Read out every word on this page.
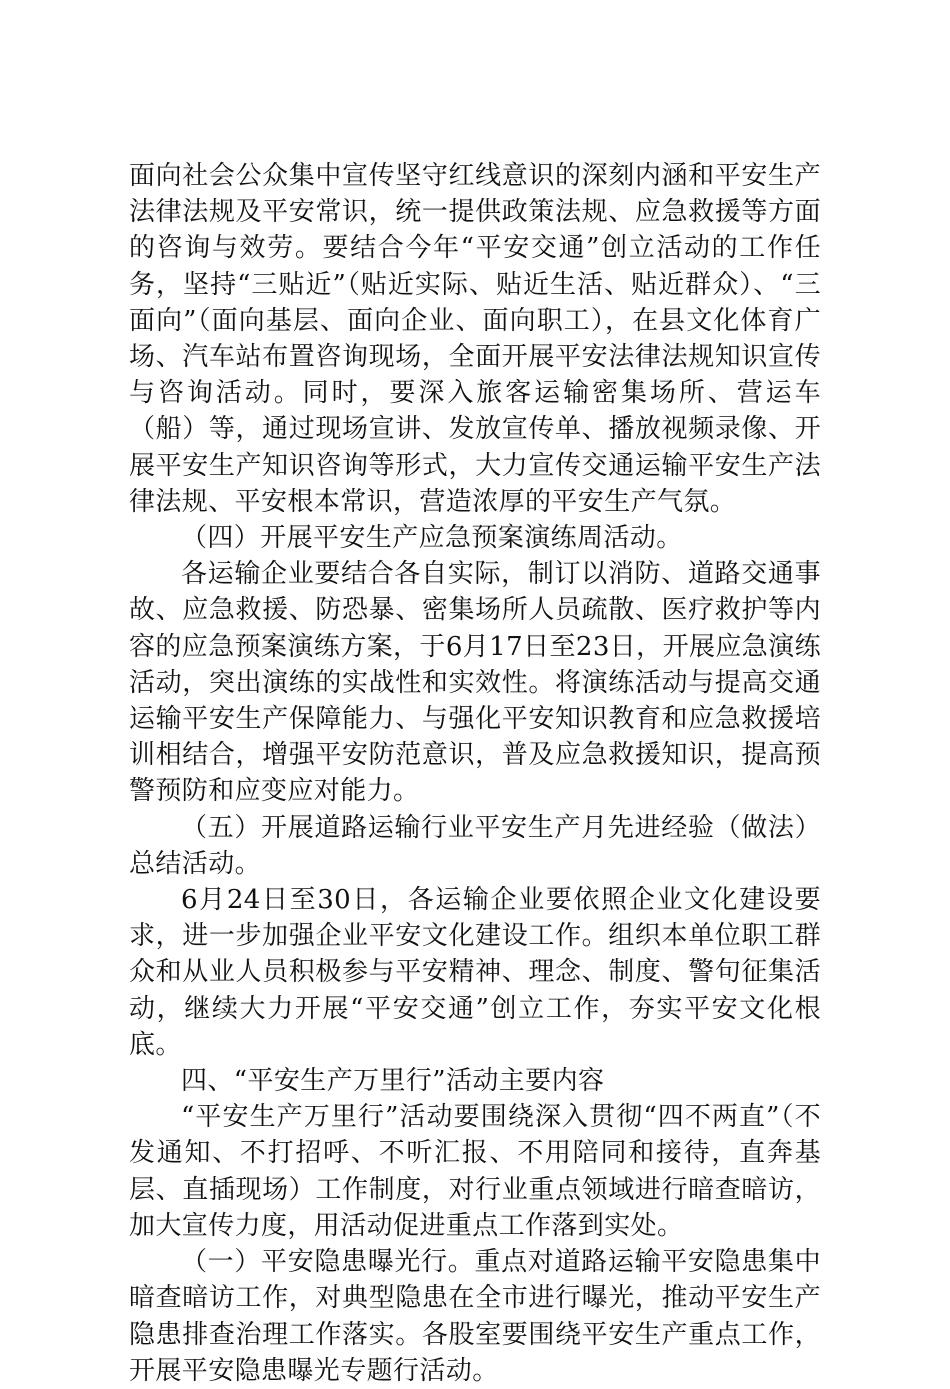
面向社会公众集中宣传坚守红线意识的深刻内涵和平安生产法律法规及平安常识，统一提供政策法规、应急救援等方面的咨询与效劳。要结合今年“平安交通”创立活动的工作任务，坚持“三贴近”（贴近实际、贴近生活、贴近群众）、“三面向”（面向基层、面向企业、面向职工），在县文化体育广场、汽车站布置咨询现场，全面开展平安法律法规知识宣传与咨询活动。同时，要深入旅客运输密集场所、营运车（船）等，通过现场宣讲、发放宣传单、播放视频录像、开展平安生产知识咨询等形式，大力宣传交通运输平安生产法律法规、平安根本常识，营造浓厚的平安生产气氛。

（四）开展平安生产应急预案演练周活动。

各运输企业要结合各自实际，制订以消防、道路交通事故、应急救援、防恐暴、密集场所人员疏散、医疗救护等内容的应急预案演练方案，于6月17日至23日，开展应急演练活动，突出演练的实战性和实效性。将演练活动与提高交通运输平安生产保障能力、与强化平安知识教育和应急救援培训相结合，增强平安防范意识，普及应急救援知识，提高预警预防和应变应对能力。

（五）开展道路运输行业平安生产月先进经验（做法）总结活动。

6月24日至30日，各运输企业要依照企业文化建设要求，进一步加强企业平安文化建设工作。组织本单位职工群众和从业人员积极参与平安精神、理念、制度、警句征集活动，继续大力开展“平安交通”创立工作，夯实平安文化根底。

四、“平安生产万里行”活动主要内容

“平安生产万里行”活动要围绕深入贯彻“四不两直”（不发通知、不打招呼、不听汇报、不用陪同和接待，直奔基层、直插现场）工作制度，对行业重点领域进行暗查暗访，加大宣传力度，用活动促进重点工作落到实处。

（一）平安隐患曝光行。重点对道路运输平安隐患集中暗查暗访工作，对典型隐患在全市进行曝光，推动平安生产隐患排查治理工作落实。各股室要围绕平安生产重点工作，开展平安隐患曝光专题行活动。
